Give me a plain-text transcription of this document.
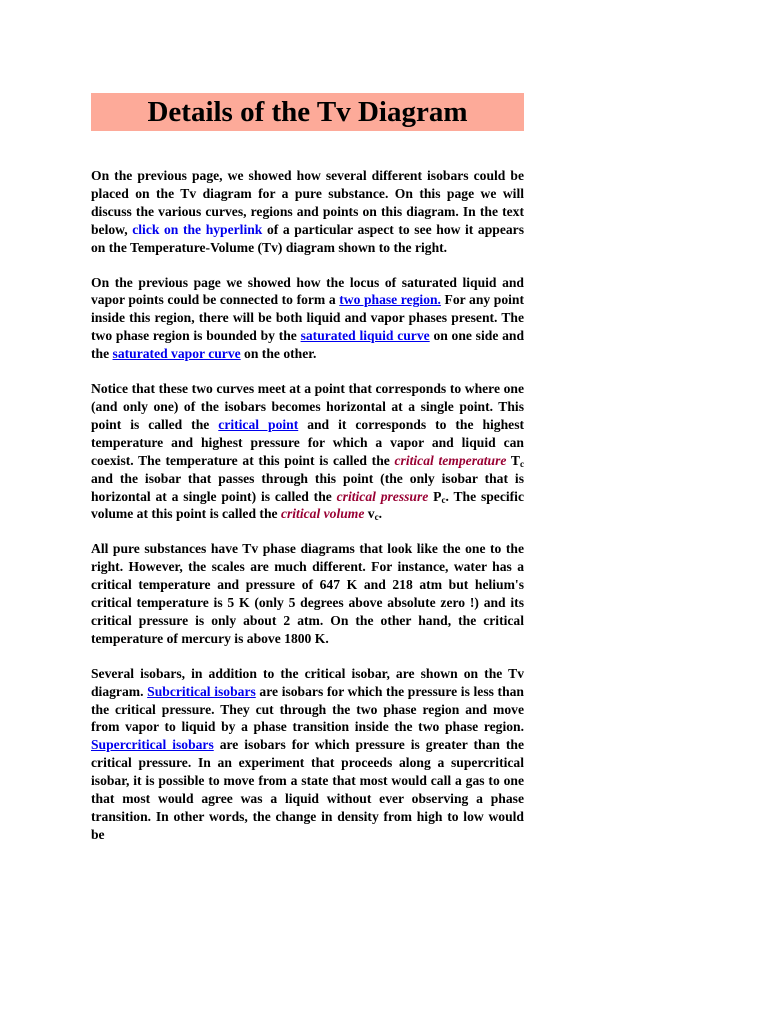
Details of the Tv Diagram

On the previous page, we showed how several different isobars could be placed on the Tv diagram for a pure substance. On this page we will discuss the various curves, regions and points on this diagram. In the text below, click on the hyperlink of a particular aspect to see how it appears on the Temperature-Volume (Tv) diagram shown to the right.

On the previous page we showed how the locus of saturated liquid and vapor points could be connected to form a two phase region. For any point inside this region, there will be both liquid and vapor phases present. The two phase region is bounded by the saturated liquid curve on one side and the saturated vapor curve on the other.

Notice that these two curves meet at a point that corresponds to where one (and only one) of the isobars becomes horizontal at a single point. This point is called the critical point and it corresponds to the highest temperature and highest pressure for which a vapor and liquid can coexist. The temperature at this point is called the critical temperature $T_c$ and the isobar that passes through this point (the only isobar that is horizontal at a single point) is called the critical pressure $P_c$. The specific volume at this point is called the critical volume $v_c$.

All pure substances have Tv phase diagrams that look like the one to the right. However, the scales are much different. For instance, water has a critical temperature and pressure of 647 K and 218 atm but helium's critical temperature is 5 K (only 5 degrees above absolute zero !) and its critical pressure is only about 2 atm. On the other hand, the critical temperature of mercury is above 1800 K.

Several isobars, in addition to the critical isobar, are shown on the Tv diagram. Subcritical isobars are isobars for which the pressure is less than the critical pressure. They cut through the two phase region and move from vapor to liquid by a phase transition inside the two phase region. Supercritical isobars are isobars for which pressure is greater than the critical pressure. In an experiment that proceeds along a supercritical isobar, it is possible to move from a state that most would call a gas to one that most would agree was a liquid without ever observing a phase transition. In other words, the change in density from high to low would be
